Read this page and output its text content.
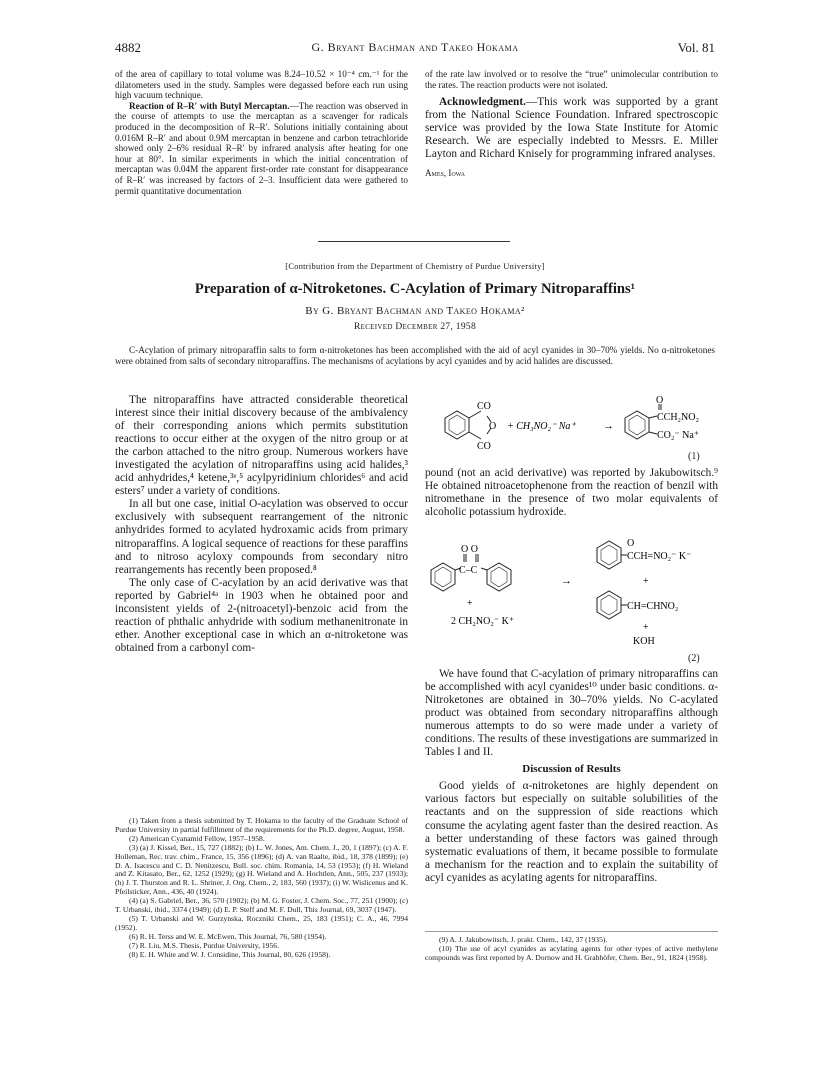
4882	G. Bryant Bachman and Takeo Hokama	Vol. 81

of the area of capillary to total volume was 8.24–10.52 × 10⁻⁴ cm.⁻¹ for the dilatometers used in the study. Samples were degassed before each run using high vacuum technique.

Reaction of R–R′ with Butyl Mercaptan.—The reaction was observed in the course of attempts to use the mercaptan as a scavenger for radicals produced in the decomposition of R–R′. Solutions initially containing about 0.016M R–R′ and about 0.9M mercaptan in benzene and carbon tetrachloride showed only 2–6% residual R–R′ by infrared analysis after heating for one hour at 80°. In similar experiments in which the initial concentration of mercaptan was 0.04M the apparent first-order rate constant for disappearance of R–R′ was increased by factors of 2–3. Insufficient data were gathered to permit quantitative documentation

of the rate law involved or to resolve the “true” unimolecular contribution to the rates. The reaction products were not isolated.

Acknowledgment.—This work was supported by a grant from the National Science Foundation. Infrared spectroscopic service was provided by the Iowa State Institute for Atomic Research. We are especially indebted to Messrs. E. Miller Layton and Richard Knisely for programming infrared analyses.

Ames, Iowa

[Contribution from the Department of Chemistry of Purdue University]
Preparation of α-Nitroketones. C-Acylation of Primary Nitroparaffins¹
By G. Bryant Bachman and Takeo Hokama²
Received December 27, 1958
C-Acylation of primary nitroparaffin salts to form α-nitroketones has been accomplished with the aid of acyl cyanides in 30–70% yields. No α-nitroketones were obtained from salts of secondary nitroparaffins. The mechanisms of acylations by acyl cyanides and by acid halides are discussed.

The nitroparaffins have attracted considerable theoretical interest since their initial discovery because of the ambivalency of their corresponding anions which permits substitution reactions to occur either at the oxygen of the nitro group or at the carbon attached to the nitro group. Numerous workers have investigated the acylation of nitroparaffins using acid halides,³ acid anhydrides,⁴ ketene,³ᵉ,⁵ acylpyridinium chlorides⁶ and acid esters⁷ under a variety of conditions.

In all but one case, initial O-acylation was observed to occur exclusively with subsequent rearrangement of the nitronic anhydrides formed to acylated hydroxamic acids from primary nitroparaffins. A logical sequence of reactions for these paraffins and to nitroso acyloxy compounds from secondary nitro rearrangements has recently been proposed.⁸

The only case of C-acylation by an acid derivative was that reported by Gabriel⁴ᵃ in 1903 when he obtained poor and inconsistent yields of 2-(nitroacetyl)-benzoic acid from the reaction of phthalic anhydride with sodium methanenitronate in ether. Another exceptional case in which an α-nitroketone was obtained from a carbonyl com-

(1) Taken from a thesis submitted by T. Hokama to the faculty of the Graduate School of Purdue University in partial fulfillment of the requirements for the Ph.D. degree, August, 1958.

(2) American Cyanamid Fellow, 1957–1958.

(3) (a) J. Kissel, Ber., 15, 727 (1882); (b) L. W. Jones, Am. Chem. J., 20, 1 (1897); (c) A. F. Holleman, Rec. trav. chim., France, 15, 356 (1896); (d) A. van Raalte, ibid., 18, 378 (1899); (e) D. A. Isacescu and C. D. Nenitzescu, Bull. soc. chim. Romania, 14, 53 (1953); (f) H. Wieland and Z. Kitasato, Ber., 62, 1252 (1929); (g) H. Wieland and A. Hochtlen, Ann., 505, 237 (1933); (h) J. T. Thurston and R. L. Shriner, J. Org. Chem., 2, 183, 560 (1937); (i) W. Wislicenus and K. Pfeilsticker, Ann., 436, 40 (1924).

(4) (a) S. Gabriel, Ber., 36, 570 (1902); (b) M. G. Foster, J. Chem. Soc., 77, 251 (1900); (c) T. Urbanski, ibid., 3374 (1949); (d) E. P. Steff and M. F. Dull, This Journal, 69, 3037 (1947).

(5) T. Urbanski and W. Gurzynska, Roczniki Chem., 25, 183 (1951); C. A., 46, 7994 (1952).

(6) R. H. Terss and W. E. McEwen, This Journal, 76, 580 (1954).

(7) R. Liu, M.S. Thesis, Purdue University, 1956.

(8) E. H. White and W. J. Considine, This Journal, 80, 626 (1958).

CO
O
CO
+ CH₃NO₂⁻ Na⁺ →
O
CCH₂NO₂
CO₂⁻ Na⁺
(1)

pound (not an acid derivative) was reported by Jakubowitsch.⁹ He obtained nitroacetophenone from the reaction of benzil with nitromethane in the presence of two molar equivalents of alcoholic potassium hydroxide.

O O
C–C
+
2 CH₂NO₂⁻ K⁺
→
O
CCH=NO₂⁻ K⁻
+
CH=CHNO₂
+
KOH
(2)

We have found that C-acylation of primary nitroparaffins can be accomplished with acyl cyanides¹⁰ under basic conditions. α-Nitroketones are obtained in 30–70% yields. No C-acylated product was obtained from secondary nitroparaffins although numerous attempts to do so were made under a variety of conditions. The results of these investigations are summarized in Tables I and II.

Discussion of Results

Good yields of α-nitroketones are highly dependent on various factors but especially on suitable solubilities of the reactants and on the suppression of side reactions which consume the acylating agent faster than the desired reaction. As a better understanding of these factors was gained through systematic evaluations of them, it became possible to formulate a mechanism for the reaction and to explain the suitability of acyl cyanides as acylating agents for nitroparaffins.

(9) A. J. Jakubowitsch, J. prakt. Chem., 142, 37 (1935).

(10) The use of acyl cyanides as acylating agents for other types of active methylene compounds was first reported by A. Dornow and H. Grabhöfer, Chem. Ber., 91, 1824 (1958).
